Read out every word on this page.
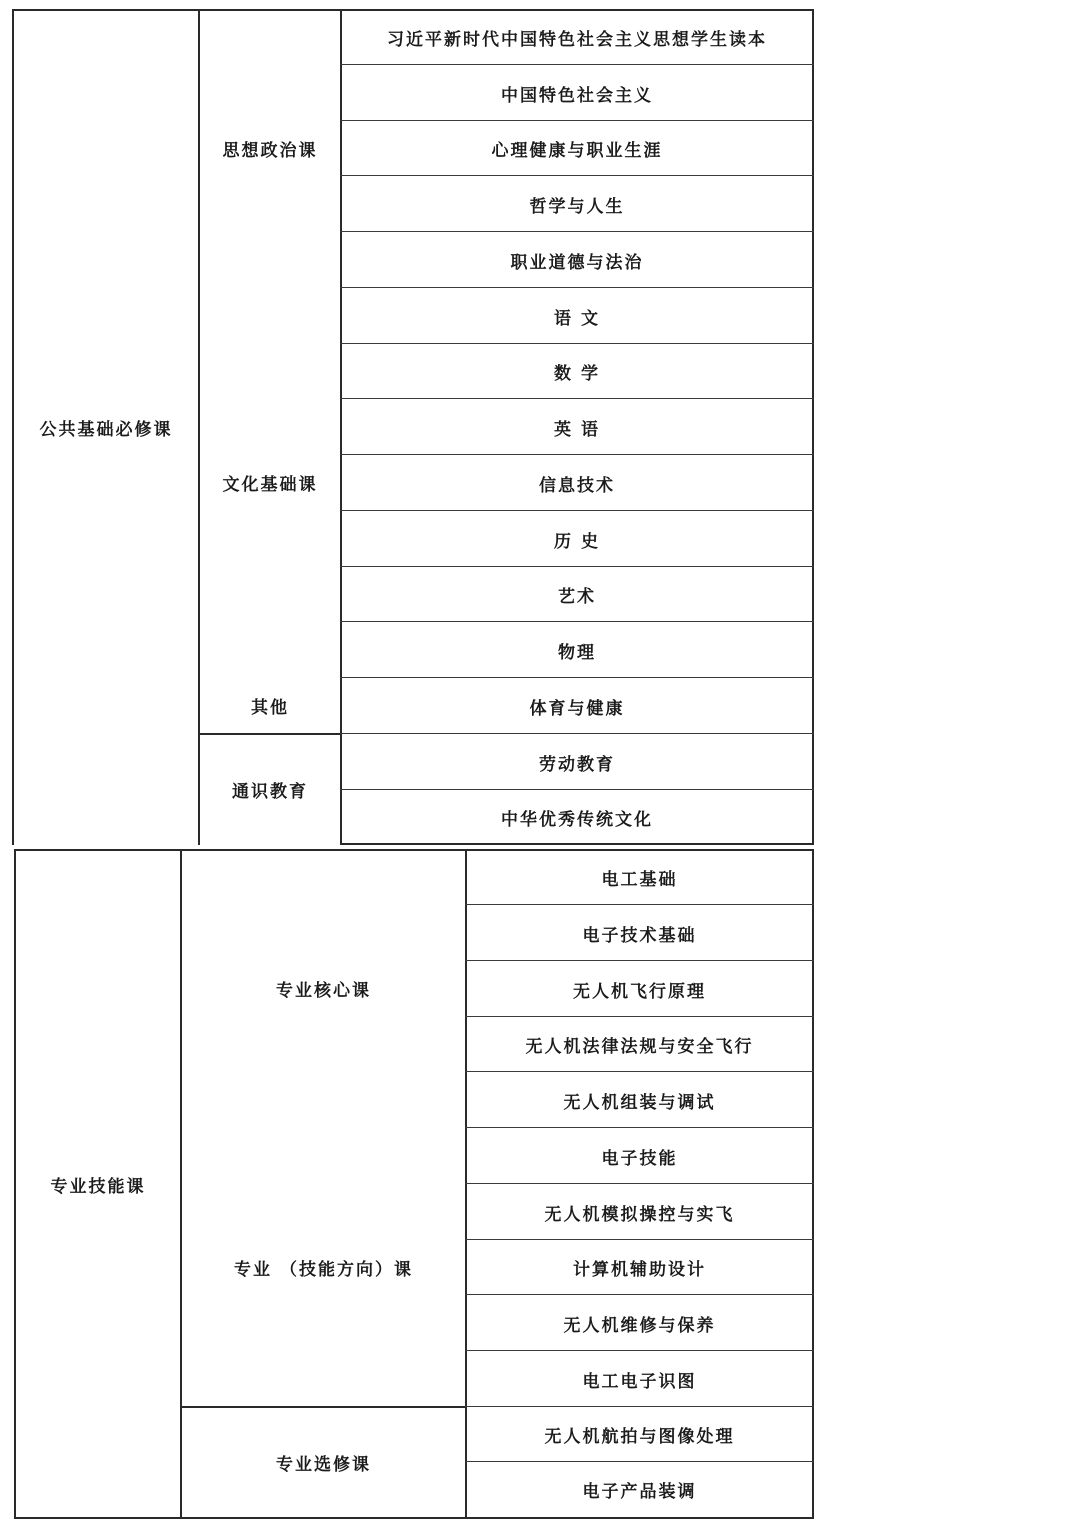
公共基础必修课
思想政治课
文化基础课
其他
通识教育
习近平新时代中国特色社会主义思想学生读本
中国特色社会主义
心理健康与职业生涯
哲学与人生
职业道德与法治
语 文
数 学
英 语
信息技术
历 史
艺术
物理
体育与健康
劳动教育
中华优秀传统文化
专业技能课
专业核心课
专业 （技能方向）课
专业选修课
电工基础
电子技术基础
无人机飞行原理
无人机法律法规与安全飞行
无人机组装与调试
电子技能
无人机模拟操控与实飞
计算机辅助设计
无人机维修与保养
电工电子识图
无人机航拍与图像处理
电子产品装调
